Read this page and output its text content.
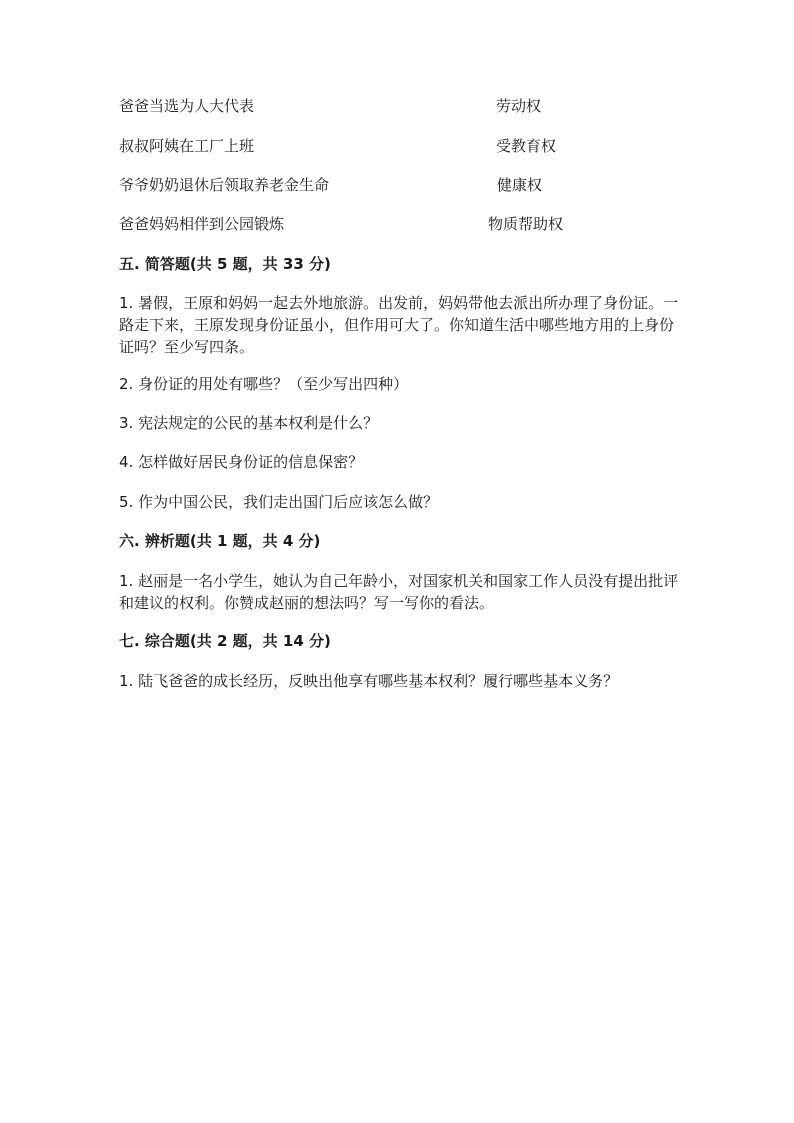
爸爸当选为人大代表	劳动权
叔叔阿姨在工厂上班	受教育权
爷爷奶奶退休后领取养老金生命	健康权
爸爸妈妈相伴到公园锻炼	物质帮助权
五. 简答题(共 5 题，共 33 分)
1. 暑假，王原和妈妈一起去外地旅游。出发前，妈妈带他去派出所办理了身份证。一路走下来，王原发现身份证虽小，但作用可大了。你知道生活中哪些地方用的上身份证吗？至少写四条。
2. 身份证的用处有哪些？（至少写出四种）
3. 宪法规定的公民的基本权利是什么？
4. 怎样做好居民身份证的信息保密？
5. 作为中国公民，我们走出国门后应该怎么做？
六. 辨析题(共 1 题，共 4 分)
1. 赵丽是一名小学生，她认为自己年龄小，对国家机关和国家工作人员没有提出批评和建议的权利。你赞成赵丽的想法吗？写一写你的看法。
七. 综合题(共 2 题，共 14 分)
1. 陆飞爸爸的成长经历，反映出他享有哪些基本权利？履行哪些基本义务？
